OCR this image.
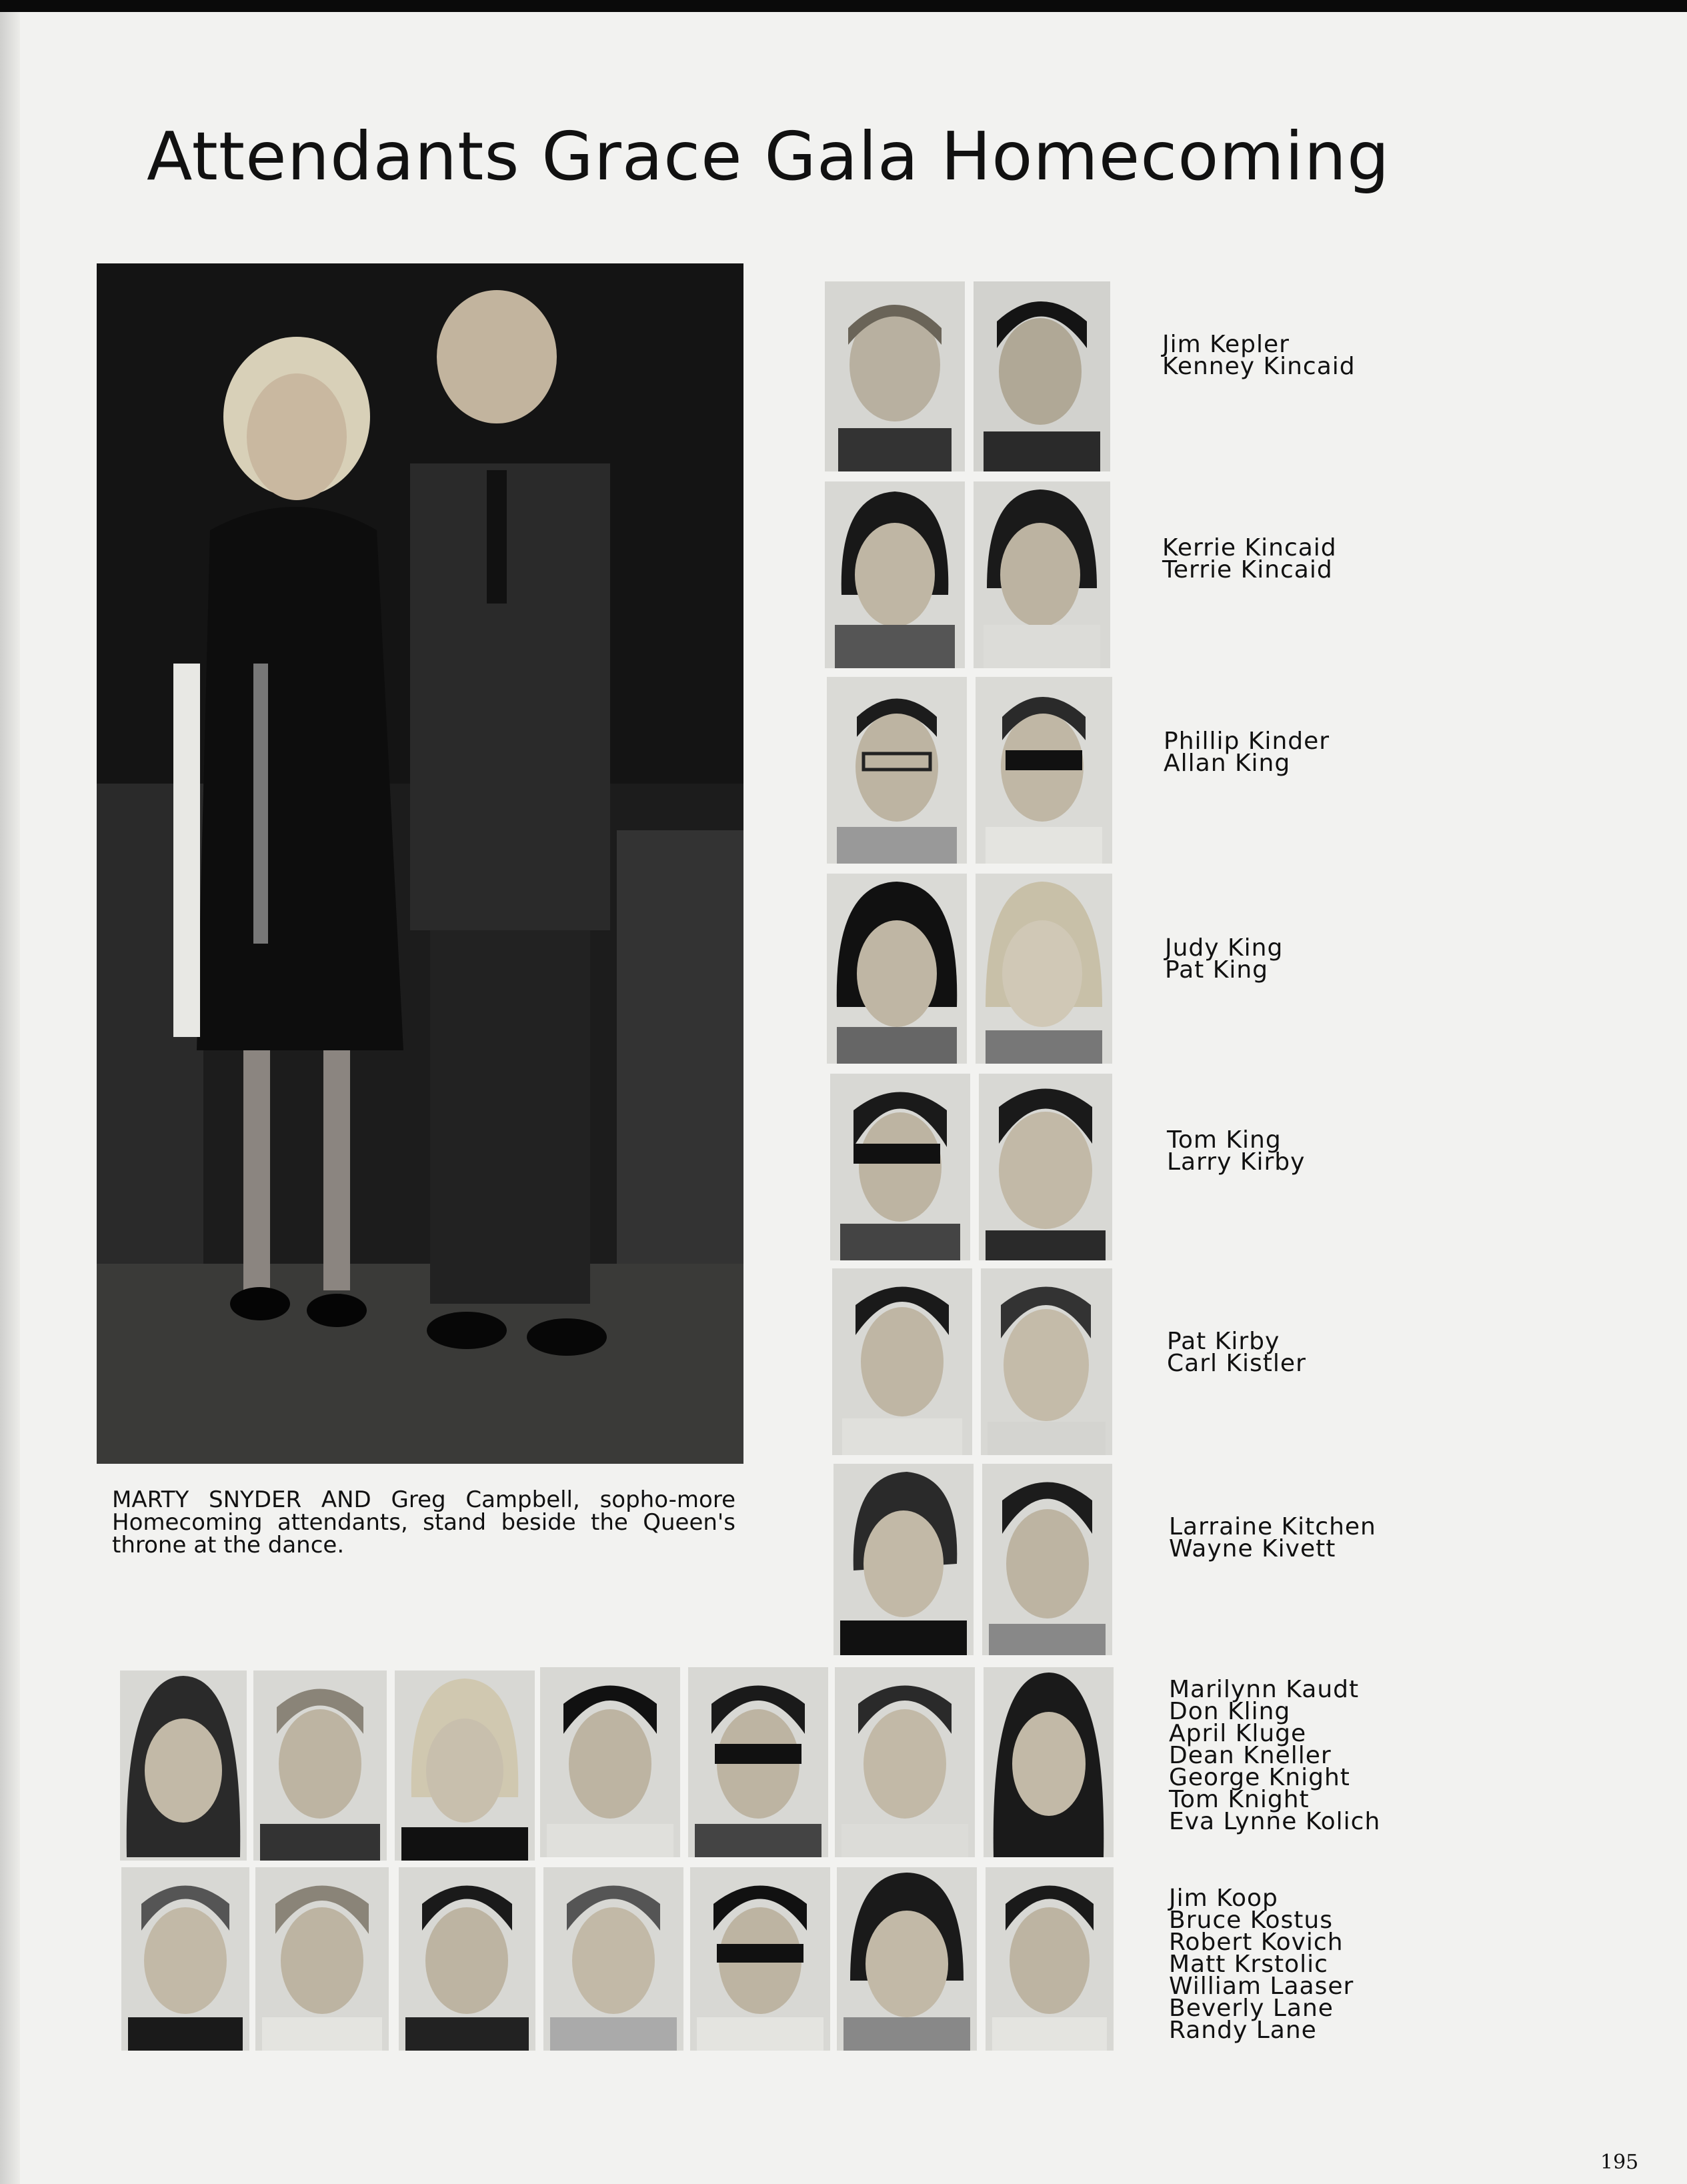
Attendants Grace Gala Homecoming
MARTY SNYDER AND Greg Campbell, sopho-more Homecoming attendants, stand beside the Queen's throne at the dance.
Jim Kepler
Kenney Kincaid
Kerrie Kincaid
Terrie Kincaid
Phillip Kinder
Allan King
Judy King
Pat King
Tom King
Larry Kirby
Pat Kirby
Carl Kistler
Larraine Kitchen
Wayne Kivett
Marilynn Kaudt
Don Kling
April Kluge
Dean Kneller
George Knight
Tom Knight
Eva Lynne Kolich
Jim Koop
Bruce Kostus
Robert Kovich
Matt Krstolic
William Laaser
Beverly Lane
Randy Lane
195
